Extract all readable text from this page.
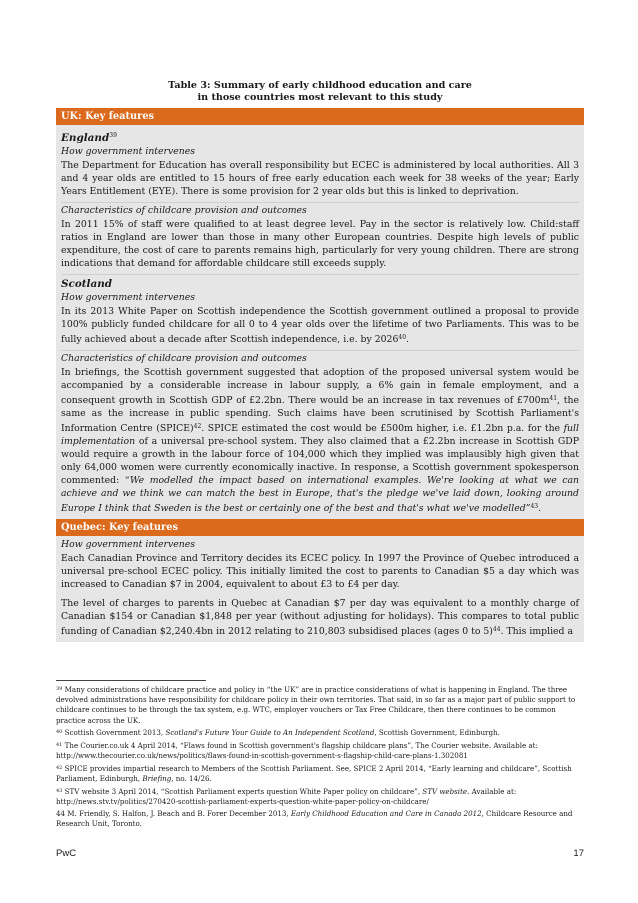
Table 3: Summary of early childhood education and care
in those countries most relevant to this study
UK: Key features
England$^{39}$
How government intervenes

The Department for Education has overall responsibility but ECEC is administered by local authorities. All 3 and 4 year olds are entitled to 15 hours of free early education each week for 38 weeks of the year; Early Years Entitlement (EYE). There is some provision for 2 year olds but this is linked to deprivation.

Characteristics of childcare provision and outcomes

In 2011 15% of staff were qualified to at least degree level. Pay in the sector is relatively low. Child:staff ratios in England are lower than those in many other European countries. Despite high levels of public expenditure, the cost of care to parents remains high, particularly for very young children. There are strong indications that demand for affordable childcare still exceeds supply.

Scotland
How government intervenes

In its 2013 White Paper on Scottish independence the Scottish government outlined a proposal to provide 100% publicly funded childcare for all 0 to 4 year olds over the lifetime of two Parliaments. This was to be fully achieved about a decade after Scottish independence, i.e. by 2026$^{40}$.

Characteristics of childcare provision and outcomes

In briefings, the Scottish government suggested that adoption of the proposed universal system would be accompanied by a considerable increase in labour supply, a 6% gain in female employment, and a consequent growth in Scottish GDP of £2.2bn. There would be an increase in tax revenues of $£700m^{41}$, the same as the increase in public spending. Such claims have been scrutinised by Scottish Parliament's Information Centre (SPICE)$^{42}$. SPICE estimated the cost would be £500m higher, i.e. £1.2bn p.a. for the full implementation of a universal pre-school system. They also claimed that a £2.2bn increase in Scottish GDP would require a growth in the labour force of 104,000 which they implied was implausibly high given that only 64,000 women were currently economically inactive. In response, a Scottish government spokesperson commented: “We modelled the impact based on international examples. We're looking at what we can achieve and we think we can match the best in Europe, that's the pledge we've laid down, looking around Europe I think that Sweden is the best or certainly one of the best and that's what we've modelled”$^{43}$.

Quebec: Key features
How government intervenes

Each Canadian Province and Territory decides its ECEC policy. In 1997 the Province of Quebec introduced a universal pre-school ECEC policy. This initially limited the cost to parents to Canadian $5 a day which was increased to Canadian $7 in 2004, equivalent to about £3 to £4 per day.

The level of charges to parents in Quebec at Canadian $7 per day was equivalent to a monthly charge of Canadian $154 or Canadian $1,848 per year (without adjusting for holidays). This compares to total public funding of Canadian $2,240.4bn in 2012 relating to 210,803 subsidised places (ages 0 to 5)$^{44}$. This implied a

$^{39}$ Many considerations of childcare practice and policy in “the UK” are in practice considerations of what is happening in England. The three devolved administrations have responsibility for childcare policy in their own territories. That said, in so far as a major part of public support to childcare continues to be through the tax system, e.g. WTC, employer vouchers or Tax Free Childcare, then there continues to be common practice across the UK.
$^{40}$ Scottish Government 2013, Scotland's Future Your Guide to An Independent Scotland, Scottish Government, Edinburgh.
$^{41}$ The Courier.co.uk 4 April 2014, “Flaws found in Scottish government's flagship childcare plans”, The Courier website. Available at: http://www.thecourier.co.uk/news/politics/flaws-found-in-scottish-government-s-flagship-child-care-plans-1.302081
$^{42}$ SPICE provides impartial research to Members of the Scottish Parliament. See, SPICE 2 April 2014, “Early learning and childcare”, Scottish Parliament, Edinburgh, Briefing, no. 14/26.
$^{43}$ STV website 3 April 2014, “Scottish Parliament experts question White Paper policy on childcare”, STV website. Available at: http://news.stv.tv/politics/270420-scottish-parliament-experts-question-white-paper-policy-on-childcare/
44 M. Friendly, S. Halfon, J. Beach and B. Forer December 2013, Early Childhood Education and Care in Canada 2012, Childcare Resource and Research Unit, Toronto.
PwC	17
